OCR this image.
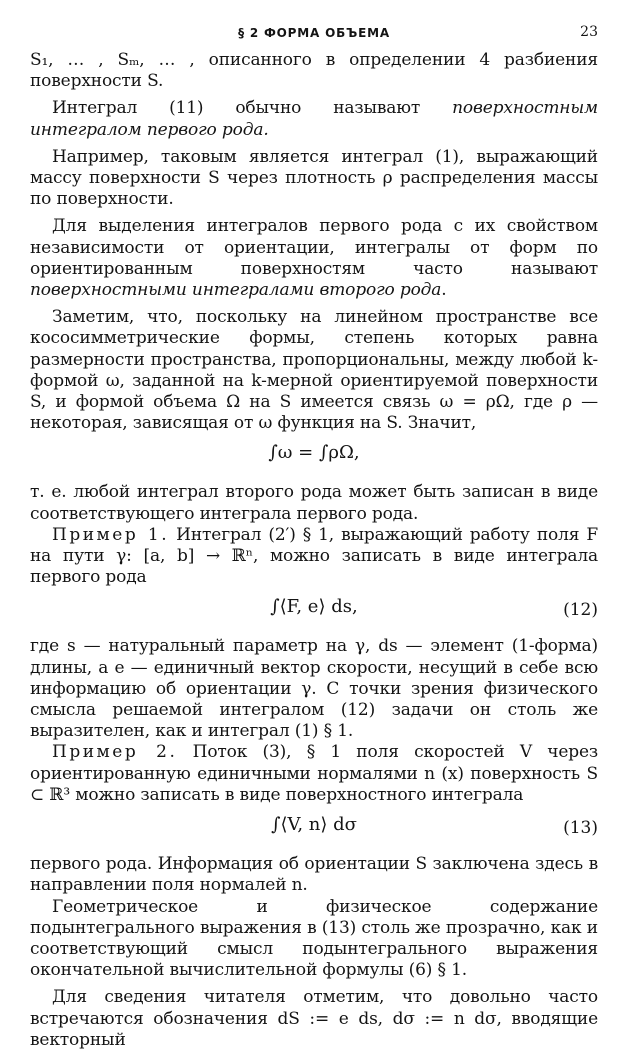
§ 2 ФОРМА ОБЪЕМА	23

S₁, … , Sₘ, … , описанного в определении 4 разбиения поверхности S.

Интеграл (11) обычно называют поверхностным интегралом первого рода.

Например, таковым является интеграл (1), выражающий массу поверхности S через плотность ρ распределения массы по поверхности.

Для выделения интегралов первого рода с их свойством независимости от ориентации, интегралы от форм по ориентированным поверхностям часто называют поверхностными интегралами второго рода.

Заметим, что, поскольку на линейном пространстве все кососимметрические формы, степень которых равна размерности пространства, пропорциональны, между любой k-формой ω, заданной на k-мерной ориентируемой поверхности S, и формой объема Ω на S имеется связь ω = ρΩ, где ρ — некоторая, зависящая от ω функция на S. Значит,

∫ω = ∫ρΩ,

т. е. любой интеграл второго рода может быть записан в виде соответствующего интеграла первого рода.

Пример 1. Интеграл (2′) § 1, выражающий работу поля F на пути γ: [a, b] → ℝⁿ, можно записать в виде интеграла первого рода

∫⟨F, e⟩ ds,	(12)

где s — натуральный параметр на γ, ds — элемент (1-форма) длины, a e — единичный вектор скорости, несущий в себе всю информацию об ориентации γ. С точки зрения физического смысла решаемой интегралом (12) задачи он столь же выразителен, как и интеграл (1) § 1.

Пример 2. Поток (3), § 1 поля скоростей V через ориентированную единичными нормалями n (x) поверхность S ⊂ ℝ³ можно записать в виде поверхностного интеграла

∫⟨V, n⟩ dσ	(13)

первого рода. Информация об ориентации S заключена здесь в направлении поля нормалей n.

Геометрическое и физическое содержание подынтегрального выражения в (13) столь же прозрачно, как и соответствующий смысл подынтегрального выражения окончательной вычислительной формулы (6) § 1.

Для сведения читателя отметим, что довольно часто встречаются обозначения dS := e ds, dσ := n dσ, вводящие векторный
